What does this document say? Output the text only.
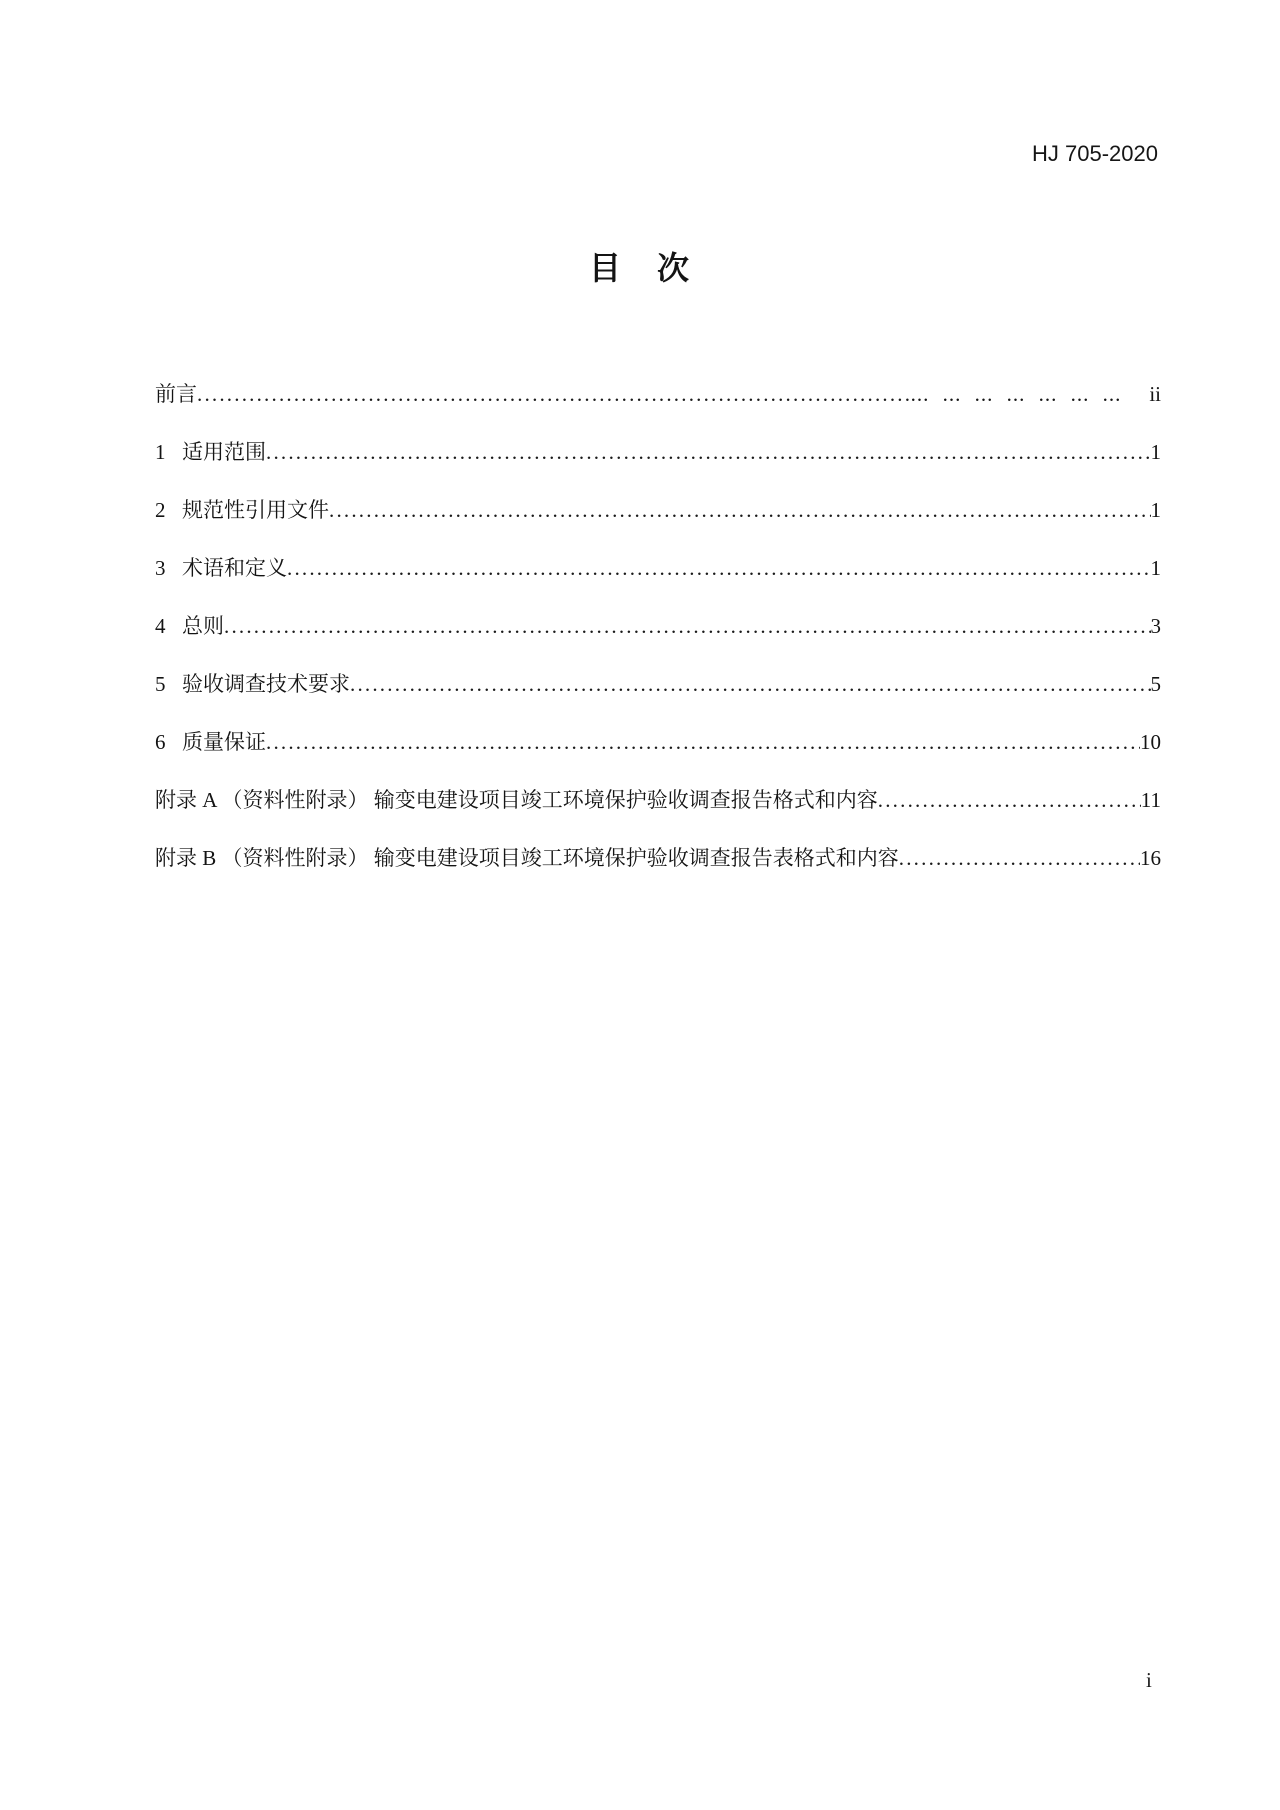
HJ 705-2020
目　次
前言 .....	... ... ... ... ... ... ... ii
1 适用范围 .....	1
2 规范性引用文件 .....	1
3 术语和定义 .....	1
4 总则 .....	3
5 验收调查技术要求 .....	5
6 质量保证 .....	10
附录 A （资料性附录） 输变电建设项目竣工环境保护验收调查报告格式和内容 .....	11
附录 B （资料性附录） 输变电建设项目竣工环境保护验收调查报告表格式和内容 .....	16
i
